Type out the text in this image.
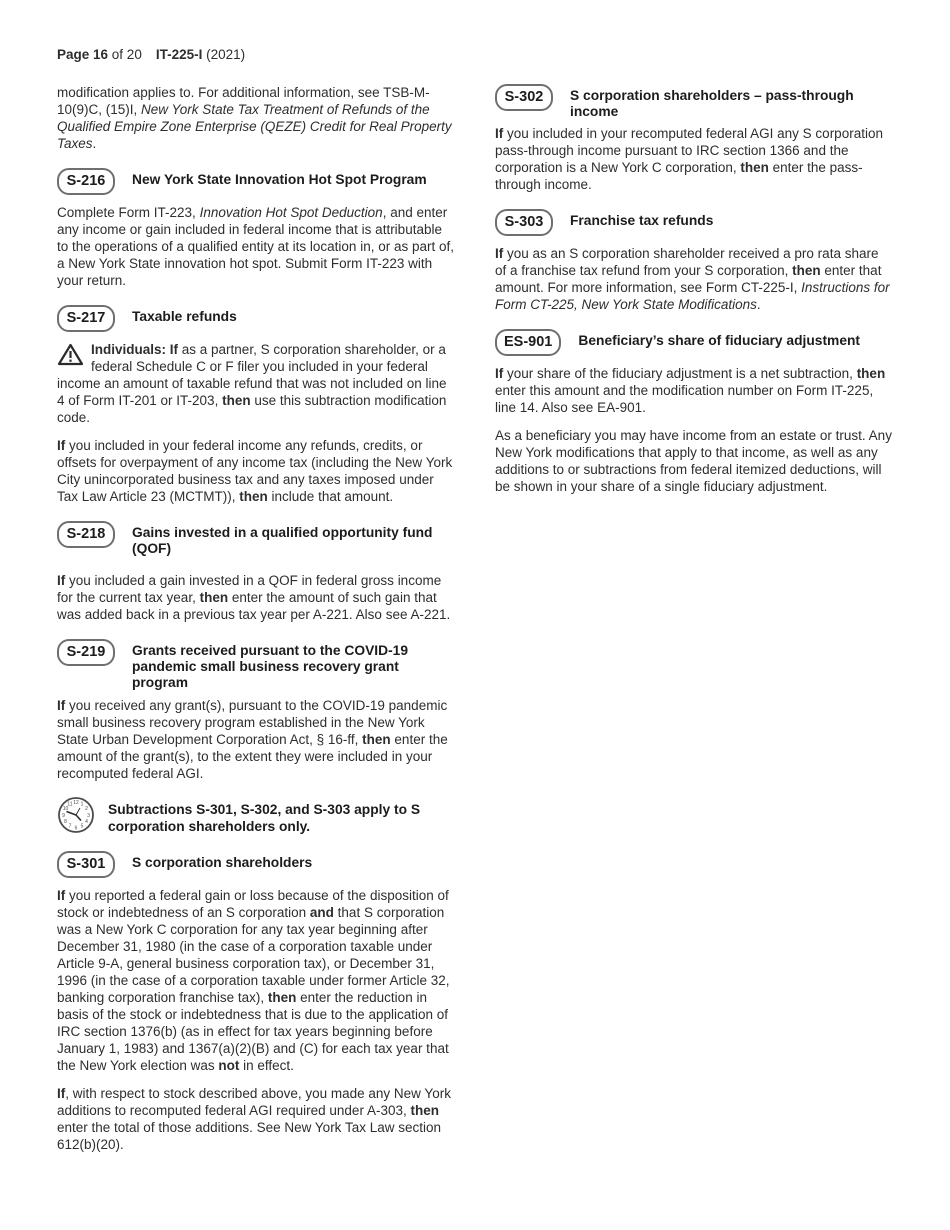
Page 16 of 20 IT-225-I (2021)

modification applies to. For additional information, see TSB-M-10(9)C, (15)I, New York State Tax Treatment of Refunds of the Qualified Empire Zone Enterprise (QEZE) Credit for Real Property Taxes.

S-216	New York State Innovation Hot Spot Program

Complete Form IT-223, Innovation Hot Spot Deduction, and enter any income or gain included in federal income that is attributable to the operations of a qualified entity at its location in, or as part of, a New York State innovation hot spot. Submit Form IT-223 with your return.

S-217	Taxable refunds

Individuals: If as a partner, S corporation shareholder, or a federal Schedule C or F filer you included in your federal income an amount of taxable refund that was not included on line 4 of Form IT-201 or IT-203, then use this subtraction modification code.

If you included in your federal income any refunds, credits, or offsets for overpayment of any income tax (including the New York City unincorporated business tax and any taxes imposed under Tax Law Article 23 (MCTMT)), then include that amount.

S-218	Gains invested in a qualified opportunity fund (QOF)

If you included a gain invested in a QOF in federal gross income for the current tax year, then enter the amount of such gain that was added back in a previous tax year per A-221. Also see A-221.

S-219	Grants received pursuant to the COVID-19 pandemic small business recovery grant program

If you received any grant(s), pursuant to the COVID-19 pandemic small business recovery program established in the New York State Urban Development Corporation Act, § 16-ff, then enter the amount of the grant(s), to the extent they were included in your recomputed federal AGI.

12 1
2
3
4
5
6
7
8
9
10
11	Subtractions S-301, S-302, and S-303 apply to S corporation shareholders only.
S-301	S corporation shareholders

If you reported a federal gain or loss because of the disposition of stock or indebtedness of an S corporation and that S corporation was a New York C corporation for any tax year beginning after December 31, 1980 (in the case of a corporation taxable under Article 9-A, general business corporation tax), or December 31, 1996 (in the case of a corporation taxable under former Article 32, banking corporation franchise tax), then enter the reduction in basis of the stock or indebtedness that is due to the application of IRC section 1376(b) (as in effect for tax years beginning before January 1, 1983) and 1367(a)(2)(B) and (C) for each tax year that the New York election was not in effect.

If, with respect to stock described above, you made any New York additions to recomputed federal AGI required under A-303, then enter the total of those additions. See New York Tax Law section 612(b)(20).

S-302	S corporation shareholders – pass-through income

If you included in your recomputed federal AGI any S corporation pass-through income pursuant to IRC section 1366 and the corporation is a New York C corporation, then enter the pass-through income.

S-303	Franchise tax refunds

If you as an S corporation shareholder received a pro rata share of a franchise tax refund from your S corporation, then enter that amount. For more information, see Form CT-225-I, Instructions for Form CT-225, New York State Modifications.

ES-901	Beneficiary’s share of fiduciary adjustment

If your share of the fiduciary adjustment is a net subtraction, then enter this amount and the modification number on Form IT-225, line 14. Also see EA-901.

As a beneficiary you may have income from an estate or trust. Any New York modifications that apply to that income, as well as any additions to or subtractions from federal itemized deductions, will be shown in your share of a single fiduciary adjustment.
